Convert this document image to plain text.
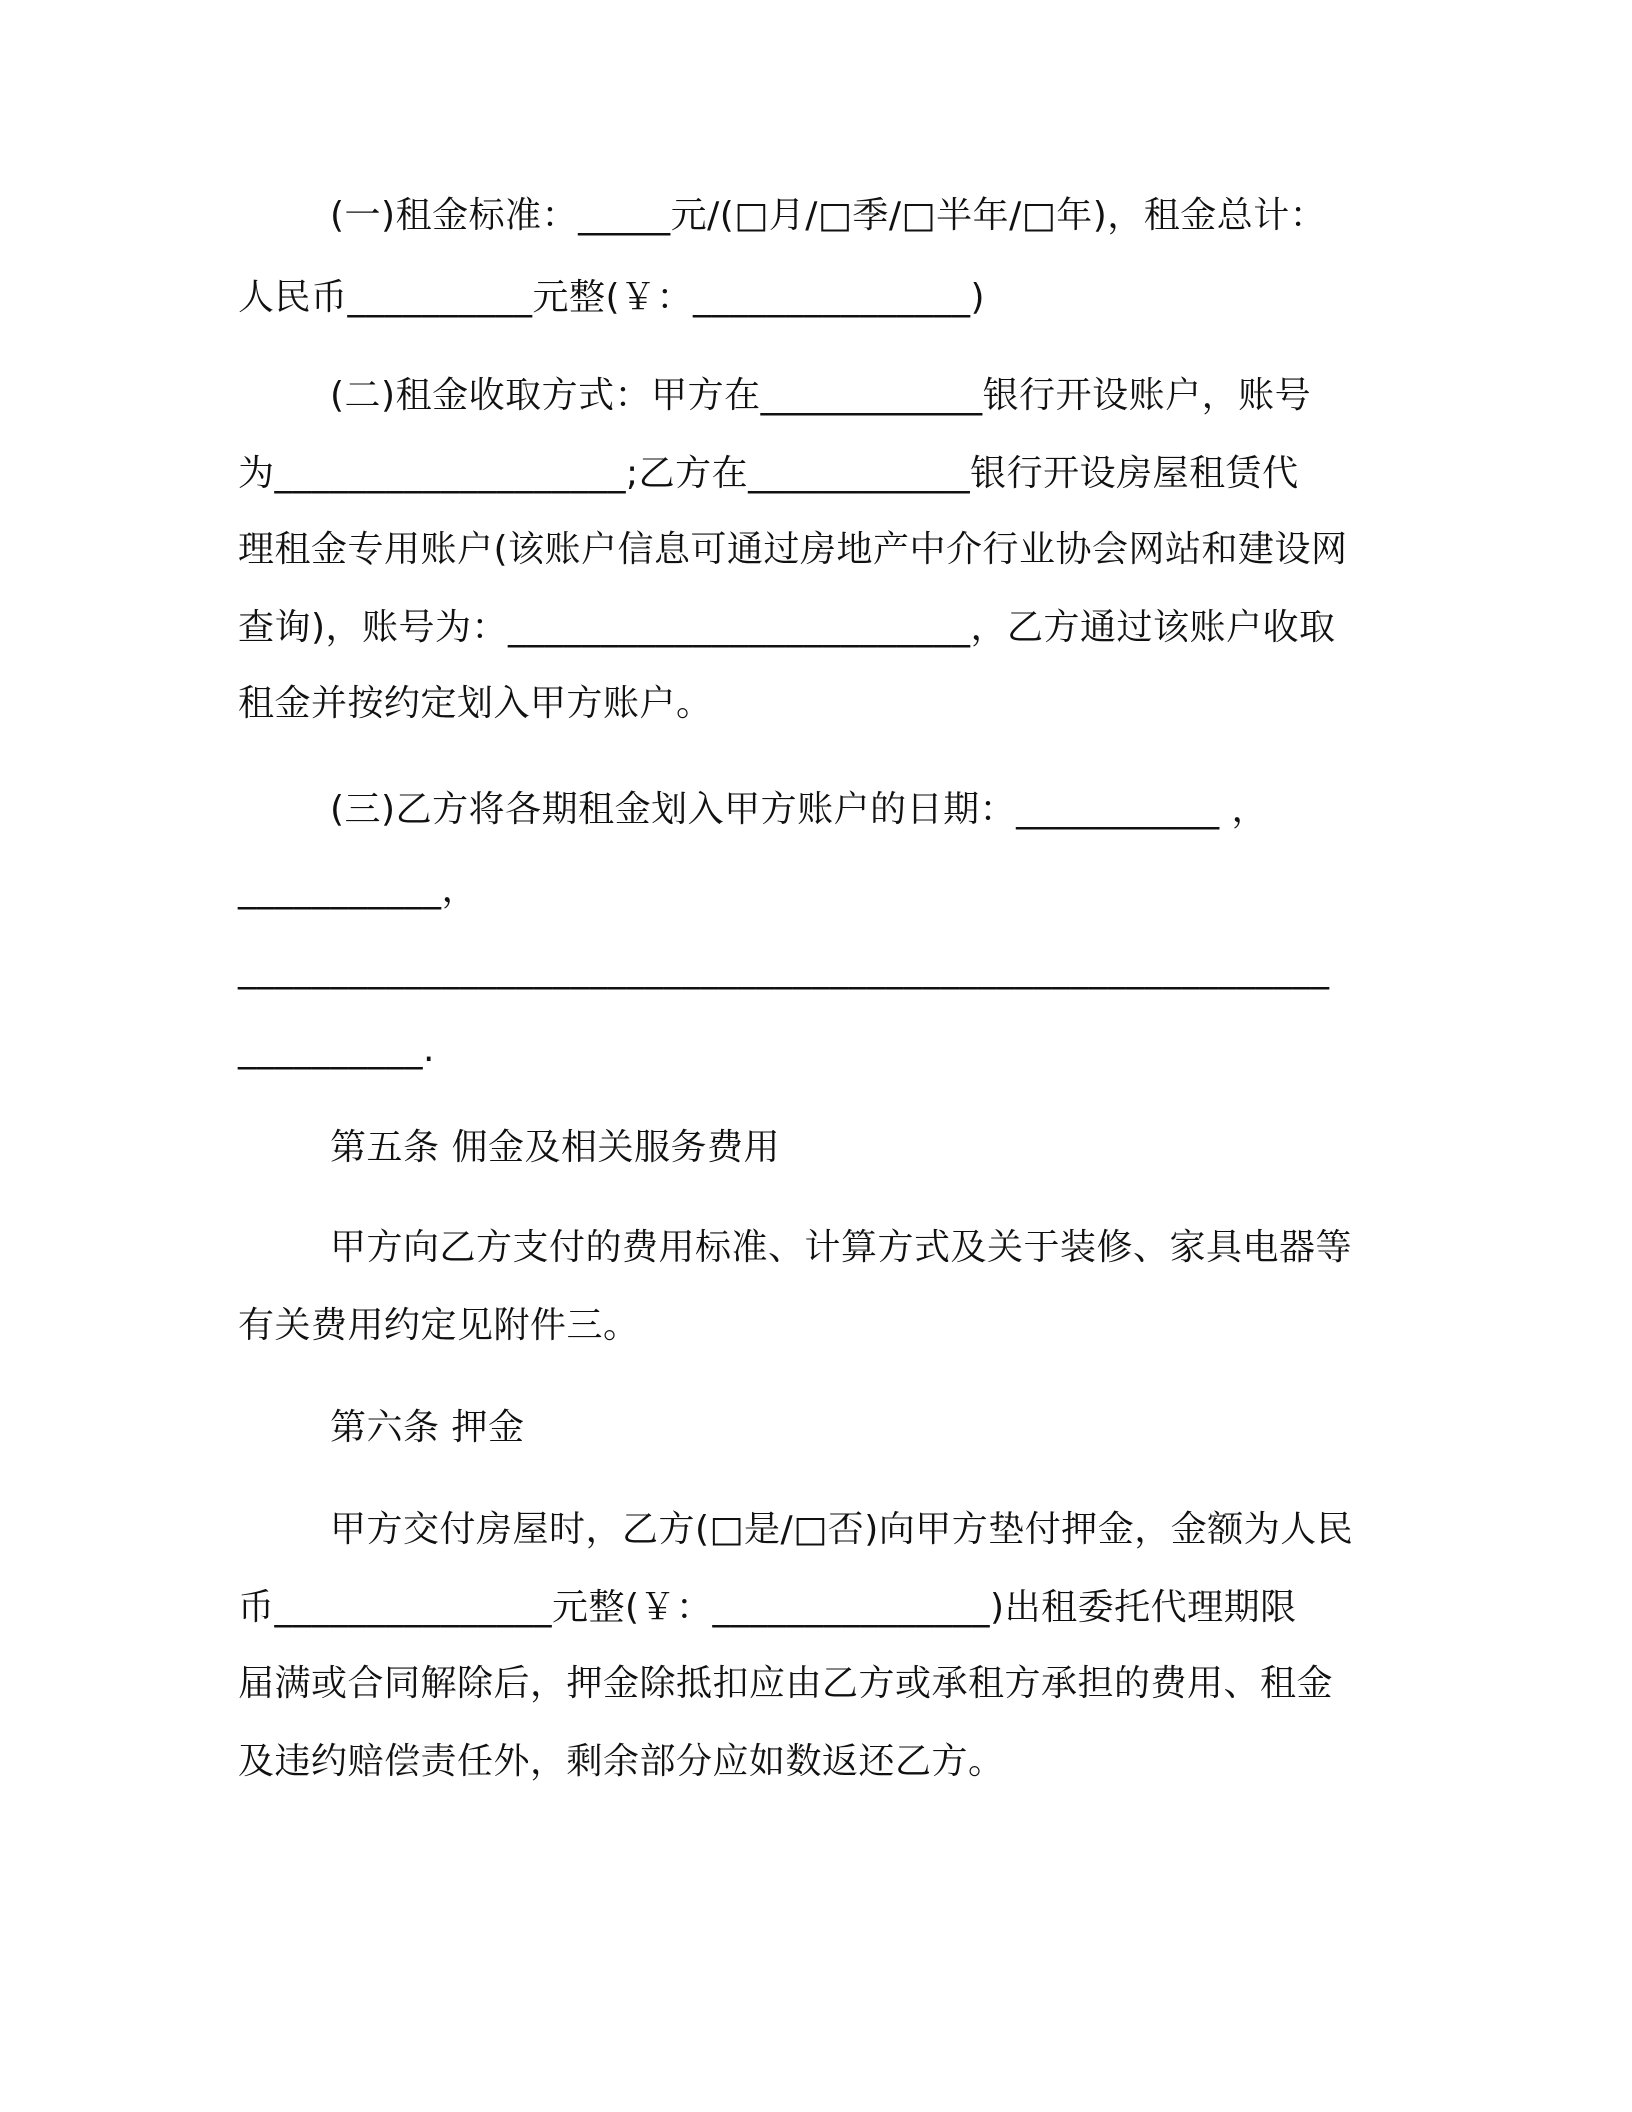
(一)租金标准：_____元/(□月/□季/□半年/□年)，租金总计：
人民币__________元整(￥：_______________)
(二)租金收取方式：甲方在____________银行开设账户，账号
为___________________;乙方在____________银行开设房屋租赁代
理租金专用账户(该账户信息可通过房地产中介行业协会网站和建设网
查询)，账号为：_________________________，乙方通过该账户收取
租金并按约定划入甲方账户。
(三)乙方将各期租金划入甲方账户的日期：___________ ，
___________，
___________________________________________________________
__________.
第五条 佣金及相关服务费用
甲方向乙方支付的费用标准、计算方式及关于装修、家具电器等
有关费用约定见附件三。
第六条 押金
甲方交付房屋时，乙方(□是/□否)向甲方垫付押金，金额为人民
币_______________元整(￥：_______________)出租委托代理期限
届满或合同解除后，押金除抵扣应由乙方或承租方承担的费用、租金
及违约赔偿责任外，剩余部分应如数返还乙方。
